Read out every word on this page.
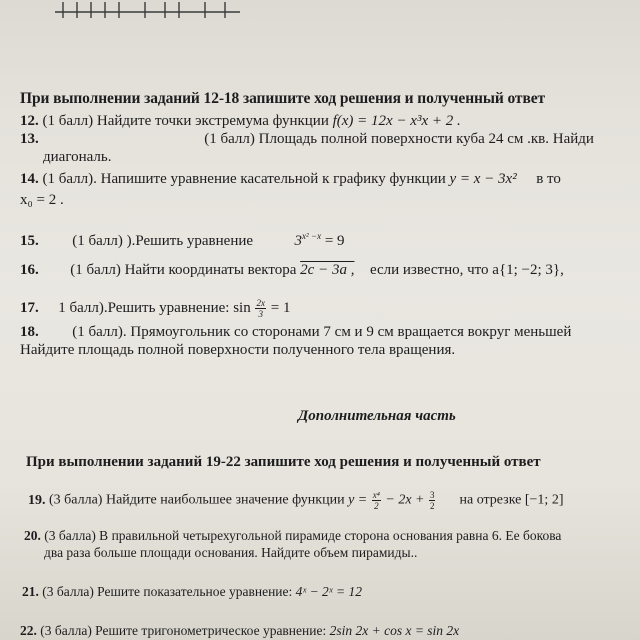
При выполнении заданий 12-18 запишите ход решения и полученный ответ
12. (1 балл) Найдите точки экстремума функции f(x) = 12x − x³x + 2 .
13.	(1 балл) Площадь полной поверхности куба 24 см .кв. Найди
диагональ.
14. (1 балл). Напишите уравнение касательной к графику функции y = x − 3x² в то
x₀ = 2 .
15. (1 балл) ).Решить уравнение	$3^{x^2 -x} = 9$
16. (1 балл) Найти координаты вектора 2c − 3a , если известно, что a{1; −2; 3},
17. 1 балл).Решить уравнение: $\sin \frac{2x}{3} = 1$
18. (1 балл). Прямоугольник со сторонами 7 см и 9 см вращается вокруг меньшей
Найдите площадь полной поверхности полученного тела вращения.
Дополнительная часть
При выполнении заданий 19-22 запишите ход решения и полученный ответ
19. (3 балла) Найдите наибольшее значение функции $y = \frac{\text{x⁴}}{2} - 2x + \frac{3}{2}$ на отрезке [−1; 2]
20. (3 балла) В правильной четырехугольной пирамиде сторона основания равна 6. Ее бокова
два раза больше площади основания. Найдите объем пирамиды..
21. (3 балла) Решите показательное уравнение: 4ˣ − 2ˣ = 12
22. (3 балла) Решите тригонометрическое уравнение: 2sin 2x + cos x = sin 2x
